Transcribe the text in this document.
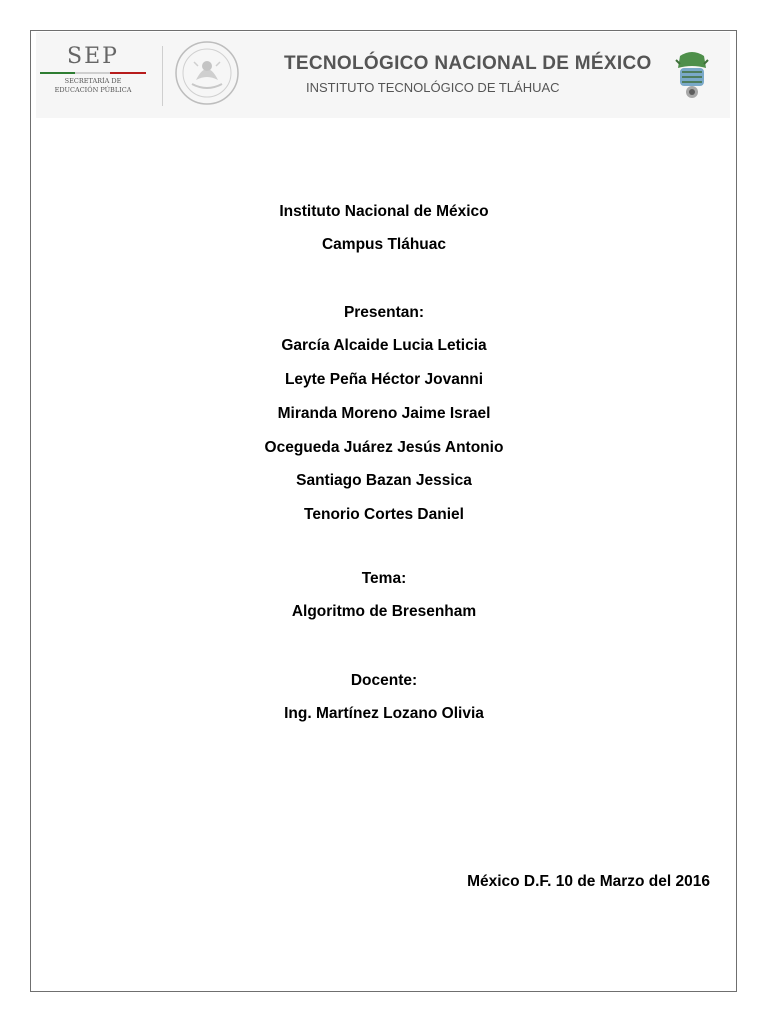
SEP
SECRETARÍA DE
EDUCACIÓN PÚBLICA
TECNOLÓGICO NACIONAL DE MÉXICO
INSTITUTO TECNOLÓGICO DE TLÁHUAC
Instituto Nacional de México
Campus Tláhuac
Presentan:
García Alcaide Lucia Leticia
Leyte Peña Héctor Jovanni
Miranda Moreno Jaime Israel
Ocegueda Juárez Jesús Antonio
Santiago Bazan Jessica
Tenorio Cortes Daniel
Tema:
Algoritmo de Bresenham
Docente:
Ing. Martínez Lozano Olivia
México D.F. 10 de Marzo del 2016
